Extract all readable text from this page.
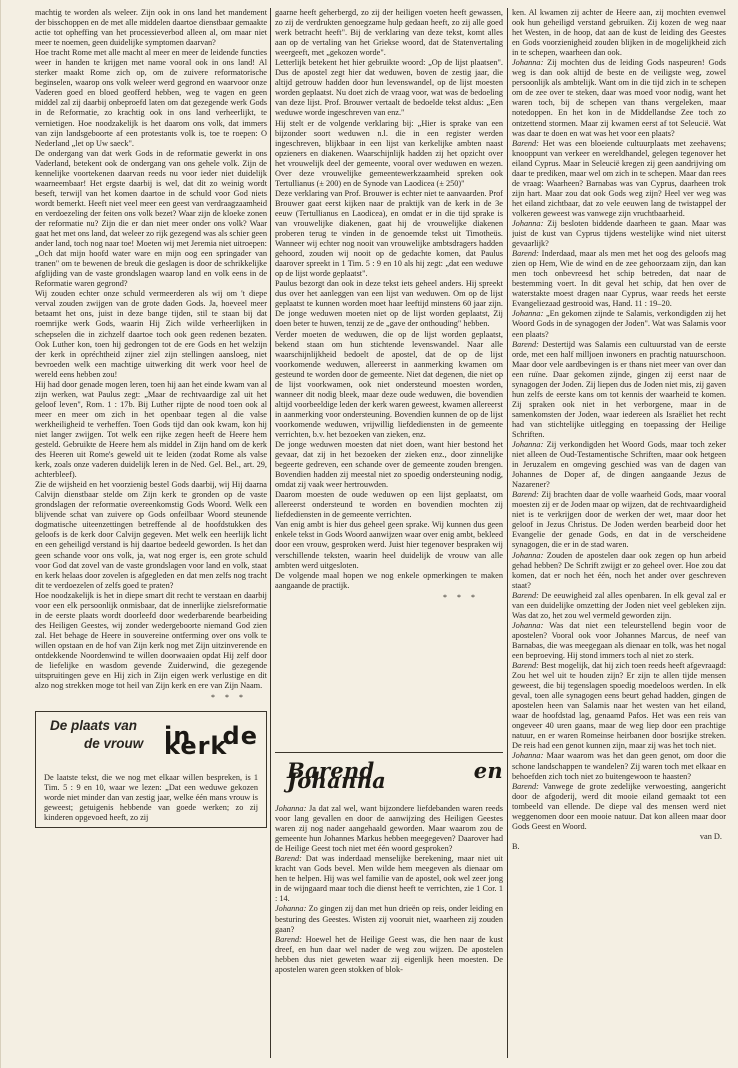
machtig te worden als weleer. Zijn ook in ons land het mandement der bisschoppen en de met alle middelen daartoe dienstbaar gemaakte actie tot opheffing van het processieverbod alleen al, om maar niet meer te noemen, geen duidelijke symptomen daarvan?

Hoe tracht Rome met alle macht al meer en meer de leidende functies weer in handen te krijgen met name vooral ook in ons land! Al sterker maakt Rome zich op, om de zuivere reformatorische beginselen, waarop ons volk weleer werd gegrond en waarvoor onze Vaderen goed en bloed geofferd hebben, weg te vagen en geen middel zal zij daarbij onbeproefd laten om dat gezegende werk Gods in de Reformatie, zo krachtig ook in ons land verheerlijkt, te vernietigen. Hoe noodzakelijk is het daarom ons volk, dat immers van zijn landsgeboorte af een protestants volk is, toe te roepen: O Nederland „let op Uw saeck".

De ondergang van dat werk Gods in de reformatie gewerkt in ons Vaderland, betekent ook de ondergang van ons gehele volk. Zijn de kennelijke voortekenen daarvan reeds nu voor ieder niet duidelijk waarneembaar! Het ergste daarbij is wel, dat dit zo weinig wordt beseft, terwijl van het komen daartoe in de schuld voor God niets wordt bemerkt. Heeft niet veel meer een geest van verdraagzaamheid en verdoezeling der feiten ons volk bezet? Waar zijn de kloeke zonen der reformatie nu? Zijn die er dan niet meer onder ons volk? Waar gaat het met ons land, dat weleer zo rijk gezegend was als schier geen ander land, toch nog naar toe! Moeten wij met Jeremia niet uitroepen: „Och dat mijn hoofd water ware en mijn oog een springader van tranen" om te bewenen de breuk die geslagen is door de schrikkelijke afglijding van de vaste grondslagen waarop land en volk eens in de Reformatie waren gegrond?

Wij zouden echter onze schuld vermeerderen als wij om 't diepe verval zouden zwijgen van de grote daden Gods. Ja, hoeveel meer betaamt het ons, juist in deze bange tijden, stil te staan bij dat roemrijke werk Gods, waarin Hij Zich wilde verheerlijken in schepselen die in zichzelf daartoe toch ook geen redenen bezaten. Ook Luther kon, toen hij gedrongen tot de ere Gods en het welzijn der kerk in opréchtheid zijner ziel zijn stellingen aansloeg, niet bevroeden welk een machtige uitwerking dit werk voor heel de wereld eens hebben zou!

Hij had door genade mogen leren, toen hij aan het einde kwam van al zijn werken, wat Paulus zegt: „Maar de rechtvaardige zal uit het geloof leven", Rom. 1 : 17b. Bij Luther rijpte de nood toen ook al meer en meer om zich in het openbaar tegen al die valse werkheiligheid te verheffen. Toen Gods tijd dan ook kwam, kon hij niet langer zwijgen. Tot welk een rijke zegen heeft de Heere hem gesteld. Gebruikte de Heere hem als middel in Zijn hand om de kerk des Heeren uit Rome's geweld uit te leiden (zodat Rome als valse kerk, zoals onze vaderen duidelijk leren in de Ned. Gel. Bel., art. 29, achterbleef).

Zie de wijsheid en het voorzienig bestel Gods daarbij, wij Hij daarna Calvijn dienstbaar stelde om Zijn kerk te gronden op de vaste grondslagen der reformatie overeenkomstig Gods Woord. Welk een blijvende schat van zuivere op Gods onfeilbaar Woord steunende dogmatische uiteenzettingen betreffende al de hoofdstukken des geloofs is de kerk door Calvijn gegeven. Met welk een heerlijk licht en een geheiligd verstand is hij daartoe bedeeld geworden. Is het dan geen schande voor ons volk, ja, wat nog erger is, een grote schuld voor God dat zovel van de vaste grondslagen voor land en volk, staat en kerk helaas door zovelen is afgegleden en dat men zelfs nog tracht dit te verdoezelen of zelfs goed te praten?

Hoe noodzakelijk is het in diepe smart dit recht te verstaan en daarbij voor een elk persoonlijk onmisbaar, dat de innerlijke zielsreformatie in de eerste plaats wordt doorleefd door wederbarende bearbeiding des Heiligen Geestes, wij zonder wedergeboorte niemand God zien zal. Het behage de Heere in souvereine ontferming over ons volk te willen opstaan en de hof van Zijn kerk nog met Zijn uitzinverende en ontdekkende Noordenwind te willen doorwaaien opdat Hij zelf door de liefelijke en wasdom gevende Zuiderwind, die gezegende uitspruitingen geve en Hij zich in Zijn eigen werk verlustige en dit alzo nog strekken moge tot heil van Zijn kerk en ere van Zijn Naam.

* * *
De plaats van
de vrouw in de kerk

De laatste tekst, die we nog met elkaar willen bespreken, is 1 Tim. 5 : 9 en 10, waar we lezen: „Dat een weduwe gekozen worde niet minder dan van zestig jaar, welke één mans vrouw is geweest; getuigenis hebbende van goede werken; zo zij kinderen opgevoed heeft, zo zij

gaarne heeft geherbergd, zo zij der heiligen voeten heeft gewassen, zo zij de verdrukten genoegzame hulp gedaan heeft, zo zij alle goed werk betracht heeft". Bij de verklaring van deze tekst, komt alles aan op de vertaling van het Griekse woord, dat de Statenvertaling weergeeft, met „gekozen worde".

Letterlijk betekent het hier gebruikte woord: „Op de lijst plaatsen". Dus de apostel zegt hier dat weduwen, boven de zestig jaar, die altijd getrouw hadden door hun levenswandel, op de lijst moesten worden geplaatst. Nu doet zich de vraag voor, wat was de bedoeling van deze lijst. Prof. Brouwer vertaalt de bedoelde tekst aldus: „Een weduwe worde ingeschreven van enz."

Hij stelt er de volgende verklaring bij: „Hier is sprake van een bijzonder soort weduwen n.l. die in een register werden ingeschreven, blijkbaar in een lijst van kerkelijke ambten naast opzieners en diakenen. Waarschijnlijk hadden zij het opzicht over het vrouwelijk deel der gemeente, vooral over weduwen en wezen. Over deze vrouwelijke gemeentewerkzaamheid spreken ook Tertullianus (± 200) en de Synode van Laodicea (± 250)"

Deze verklaring van Prof. Brouwer is echter niet te aanvaarden. Prof Brouwer gaat eerst kijken naar de praktijk van de kerk in de 3e eeuw (Tertullianus en Laodicea), en omdat er in die tijd sprake is van vrouwelijke diakenen, gaat hij de vrouwelijke diakenen proberen terug te vinden in de genoemde tekst uit Timotheüs. Wanneer wij echter nog nooit van vrouwelijke ambtsdragers hadden gehoord, zouden wij nooit op de gedachte komen, dat Paulus daarover spreekt in 1 Tim. 5 : 9 en 10 als hij zegt: „dat een weduwe op de lijst worde geplaatst".

Paulus bezorgt dan ook in deze tekst iets geheel anders. Hij spreekt dus over het aanleggen van een lijst van weduwen. Om op de lijst geplaatst te kunnen worden moet haar leeftijd minstens 60 jaar zijn. De jonge weduwen moeten niet op de lijst worden geplaatst, Zij doen beter te huwen, tenzij ze de „gave der onthouding" hebben.

Verder moeten de weduwen, die op de lijst worden geplaatst, bekend staan om hun stichtende levenswandel. Naar alle waarschijnlijkheid bedoelt de apostel, dat de op de lijst voorkomende weduwen, allereerst in aanmerking kwamen om gesteund te worden door de gemeente. Niet dat degenen, die niet op de lijst voorkwamen, ook niet ondersteund moesten worden, wanneer dit nodig bleek, maar deze oude weduwen, die bovendien altijd voorbeeldige leden der kerk waren geweest, kwamen allereerst in aanmerking voor ondersteuning. Bovendien kunnen de op de lijst voorkomende weduwen, vrijwillig liefdediensten in de gemeente verrichten, b.v. het bezoeken van zieken, enz.

De jonge weduwen moesten dat niet doen, want hier bestond het gevaar, dat zij in het bezoeken der zieken enz., door zinnelijke begeerte gedreven, een schande over de gemeente zouden brengen. Bovendien hadden zij meestal niet zo spoedig ondersteuning nodig, omdat zij vaak weer hertrouwden.

Daarom moesten de oude weduwen op een lijst geplaatst, om allereerst ondersteund te worden en bovendien mochten zij liefdediensten in de gemeente verrichten.

Van enig ambt is hier dus geheel geen sprake. Wij kunnen dus geen enkele tekst in Gods Woord aanwijzen waar over enig ambt, bekleed door een vrouw, gesproken werd. Juist hier tegenover bespraken wij verschillende teksten, waarin heel duidelijk de vrouw van alle ambten werd uitgesloten.

De volgende maal hopen we nog enkele opmerkingen te maken aangaande de practijk.

* * *
Barend en Johanna

Johanna: Ja dat zal wel, want bijzondere liefdebanden waren reeds voor lang gevallen en door de aanwijzing des Heiligen Geestes waren zij nog nader aangehaald geworden. Maar waarom zou de gemeente hun Johannes Markus hebben meegegeven? Daarover had de Heilige Geest toch niet met één woord gesproken?

Barend: Dat was inderdaad menselijke berekening, maar niet uit kracht van Gods bevel. Men wilde hem meegeven als dienaar om hen te helpen. Hij was wel familie van de apostel, ook wel zeer jong in de wijngaard maar toch die dienst heeft te verrichten, zie 1 Cor. 1 : 14.

Johanna: Zo gingen zij dan met hun drieën op reis, onder leiding en besturing des Geestes. Wisten zij vooruit niet, waarheen zij zouden gaan?

Barend: Hoewel het de Heilige Geest was, die hen naar de kust dreef, en hun daar wel nader de weg zou wijzen. De apostelen hebben dus niet geweten waar zij eigenlijk heen moesten. De apostelen waren geen stokken of blok-

ken. Al kwamen zij achter de Heere aan, zij mochten evenwel ook hun geheiligd verstand gebruiken. Zij kozen de weg naar het Westen, in de hoop, dat aan de kust de leiding des Geestes en Gods voorzienigheid zouden blijken in de mogelijkheid zich in te schepen, waarheen dan ook.

Johanna: Zij mochten dus de leiding Gods naspeuren! Gods weg is dan ook altijd de beste en de veiligste weg, zowel persoonlijk als ambtelijk. Want om in die tijd zich in te schepen om de zee over te steken, daar was moed voor nodig, want het waren toch, bij de schepen van thans vergeleken, maar notedoppen. En het kon in de Middellandse Zee toch zo ontzettend stormen. Maar zij kwamen eerst af tot Seleucië. Wat was daar te doen en wat was het voor een plaats?

Barend: Het was een bloeiende cultuurplaats met zeehavens; knooppunt van verkeer en wereldhandel, gelegen tegenover het eiland Cyprus. Maar in Seleucië kregen zij geen aandrijving om daar te prediken, maar wel om zich in te schepen. Maar dan rees de vraag: Waarheen? Barnabas was van Cyprus, daarheen trok zijn hart. Maar zou dat ook Gods weg zijn? Heel ver weg was het eiland zichtbaar, dat zo vele eeuwen lang de twistappel der volkeren geweest was vanwege zijn vruchtbaarheid.

Johanna: Zij besloten biddende daarheen te gaan. Maar was juist de kust van Cyprus tijdens westelijke wind niet uiterst gevaarlijk?

Barend: Inderdaad, maar als men met het oog des geloofs mag zien op Hem, Wie de wind en de zee gehoorzaam zijn, dan kan men toch onbevreesd het schip betreden, dat naar de bestemming voert. In dit geval het schip, dat hen over de waterstakte moest dragen naar Cyprus, waar reeds het eerste Evangeliezaad gestrooid was, Hand. 11 : 19–20.

Johanna: „En gekomen zijnde te Salamis, verkondigden zij het Woord Gods in de synagogen der Joden". Wat was Salamis voor een plaats?

Barend: Destertijd was Salamis een cultuurstad van de eerste orde, met een half milljoen inwoners en prachtig natuurschoon. Maar door vele aardbevingen is er thans niet meer van over dan een ruïne. Daar gekomen zijnde, gingen zij eerst naar de synagogen der Joden. Zij liepen dus de Joden niet mis, zij gaven hun zelfs de eerste kans om tot kennis der waarheid te komen. Zij spraken ook niet in het verborgene, maar in de samenkomsten der Joden, waar iedereen als Israëliet het recht had van stichtelijke uitlegging en toepassing der Heilige Schriften.

Johanna: Zij verkondigden het Woord Gods, maar toch zeker niet alleen de Oud-Testamentische Schriften, maar ook hetgeen in Jeruzalem en omgeving geschied was van de dagen van Johannes de Doper af, de dingen aangaande Jezus de Nazarener?

Barend: Zij brachten daar de volle waarheid Gods, maar vooral moesten zij er de Joden maar op wijzen, dat de rechtvaardigheid niet is te verkrijgen door de werken der wet, maar door het geloof in Jezus Christus. De Joden werden bearbeid door het Evangelie der genade Gods, en dat in de verscheidene synagogen, die er in de stad waren.

Johanna: Zouden de apostelen daar ook zegen op hun arbeid gehad hebben? De Schrift zwijgt er zo geheel over. Hoe zou dat komen, dat er noch het één, noch het ander over geschreven staat?

Barend: De eeuwigheid zal alles openbaren. In elk geval zal er van een duidelijke omzetting der Joden niet veel gebleken zijn. Was dat zo, het zou wel vermeld geworden zijn.

Johanna: Was dat niet een teleurstellend begin voor de apostelen? Vooral ook voor Johannes Marcus, de neef van Barnabas, die was meegegaan als dienaar en tolk, was het nogal een beproeving. Hij stond immers toch al niet zo sterk.

Barend: Best mogelijk, dat hij zich toen reeds heeft afgevraagd: Zou het wel uit te houden zijn? Er zijn te allen tijde mensen geweest, die bij tegenslagen spoedig moedeloos werden. In elk geval, toen alle synagogen eens beurt gehad hadden, gingen de apostelen heen van Salamis naar het westen van het eiland, waar de hoofdstad lag, genaamd Pafos. Het was een reis van ongeveer 40 uren gaans, maar de weg liep door een prachtige natuur, en er waren Romeinse heirbanen door bosrijke streken. De reis had een genot kunnen zijn, maar zij was het toch niet.

Johanna: Maar waarom was het dan geen genot, om door die schone landschappen te wandelen? Zij waren toch met elkaar en behoefden zich toch niet zo buitengewoon te haasten?

Barend: Vanwege de grote zedelijke verwoesting, aangericht door de afgoderij, werd dit mooie eiland gemaakt tot een tombeeld van ellende. De diepe val des mensen werd niet weggenomen door een mooie natuur. Dat kon alleen maar door Gods Geest en Woord.

van D.

B.
